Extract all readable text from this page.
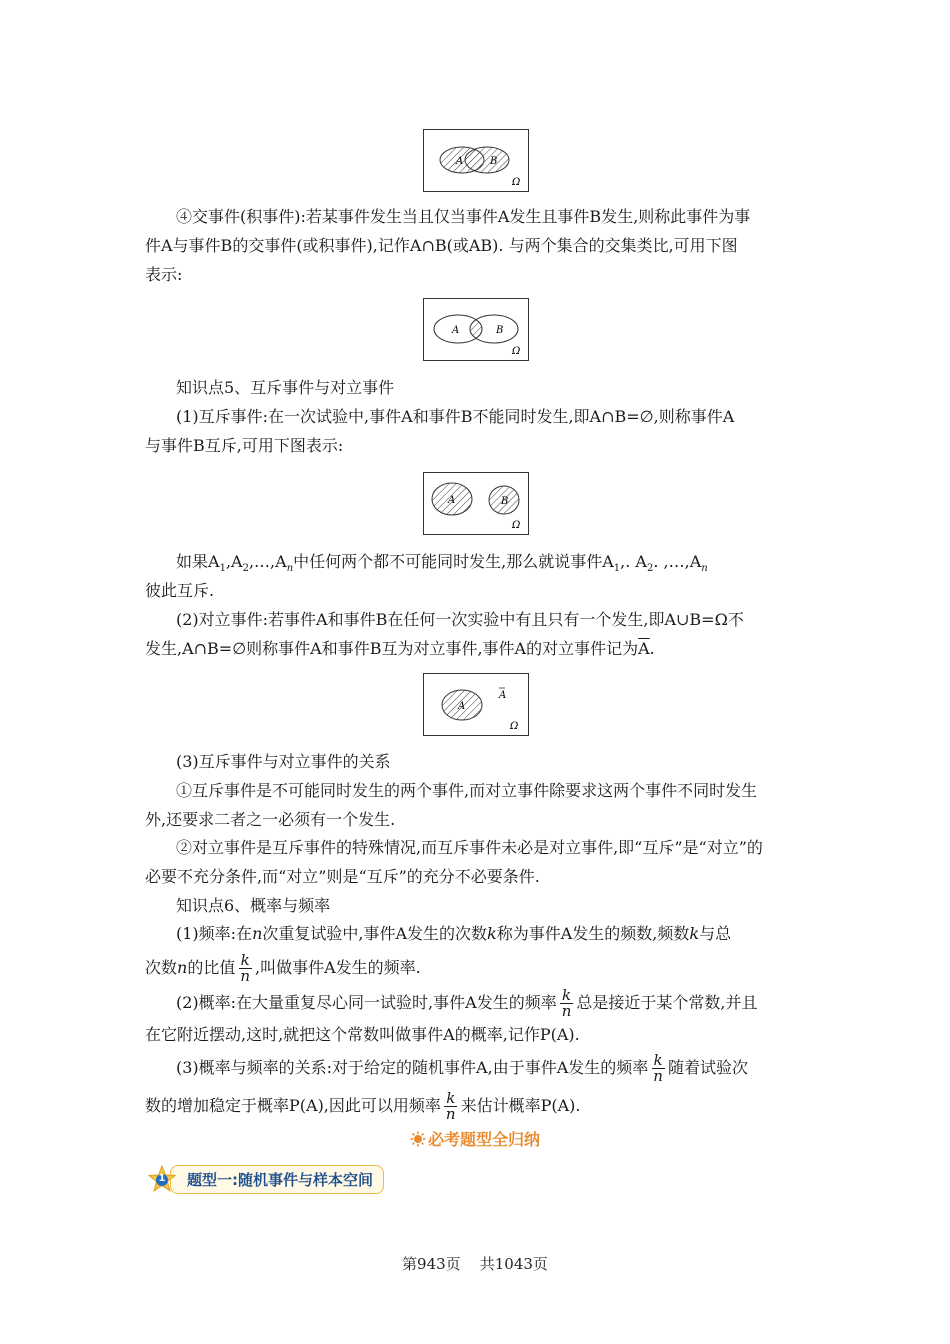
A	B
Ω
④交事件(积事件):若某事件发生当且仅当事件A发生且事件B发生,则称此事件为事
件A与事件B的交事件(或积事件),记作A∩B(或AB). 与两个集合的交集类比,可用下图
表示:
A	B
Ω
知识点5、互斥事件与对立事件
(1)互斥事件:在一次试验中,事件A和事件B不能同时发生,即A∩B=∅,则称事件A
与事件B互斥,可用下图表示:
A	B
Ω
如果$A_1,A_2,\dots,A_n$中任何两个都不可能同时发生,那么就说事件$A_1$,. $A_2$. $,\dots,A_n$
彼此互斥.
(2)对立事件:若事件A和事件B在任何一次实验中有且只有一个发生,即A∪B=Ω不
发生,A∩B=∅则称事件A和事件B互为对立事件,事件A的对立事件记为$\overline{A}$.
A
A
Ω
(3)互斥事件与对立事件的关系
①互斥事件是不可能同时发生的两个事件,而对立事件除要求这两个事件不同时发生
外,还要求二者之一必须有一个发生.
②对立事件是互斥事件的特殊情况,而互斥事件未必是对立事件,即“互斥”是“对立”的
必要不充分条件,而“对立”则是“互斥”的充分不必要条件.
知识点6、概率与频率
(1)频率:在n次重复试验中,事件A发生的次数k称为事件A发生的频数,频数k与总
次数n的比值 $\frac{k}{n}$ ,叫做事件A发生的频率.
(2)概率:在大量重复尽心同一试验时,事件A发生的频率 $\frac{k}{n}$ 总是接近于某个常数,并且
在它附近摆动,这时,就把这个常数叫做事件A的概率,记作P(A).
(3)概率与频率的关系:对于给定的随机事件A,由于事件A发生的频率 $\frac{k}{n}$ 随着试验次
数的增加稳定于概率P(A),因此可以用频率 $\frac{k}{n}$ 来估计概率P(A).
必考题型全归纳
1	题型一:随机事件与样本空间
第943页    共1043页
